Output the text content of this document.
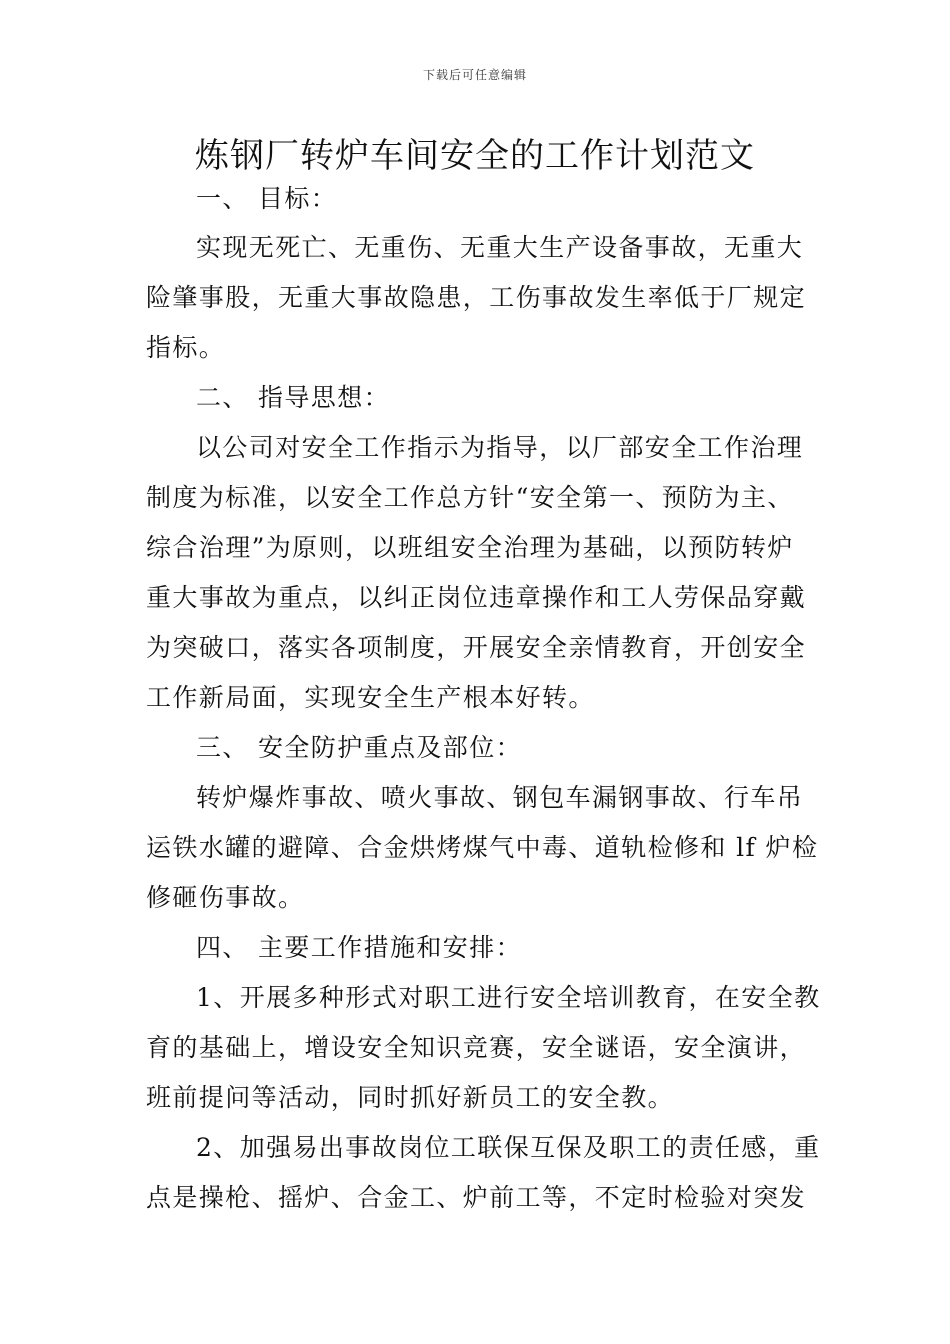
下载后可任意编辑
炼钢厂转炉车间安全的工作计划范文
一、 目标：
实现无死亡、无重伤、无重大生产设备事故，无重大
险肇事股，无重大事故隐患，工伤事故发生率低于厂规定
指标。
二、 指导思想：
以公司对安全工作指示为指导，以厂部安全工作治理
制度为标准，以安全工作总方针“安全第一、预防为主、
综合治理”为原则，以班组安全治理为基础，以预防转炉
重大事故为重点，以纠正岗位违章操作和工人劳保品穿戴
为突破口，落实各项制度，开展安全亲情教育，开创安全
工作新局面，实现安全生产根本好转。
三、 安全防护重点及部位：
转炉爆炸事故、喷火事故、钢包车漏钢事故、行车吊
运铁水罐的避障、合金烘烤煤气中毒、道轨检修和 lf 炉检
修砸伤事故。
四、 主要工作措施和安排：
1、开展多种形式对职工进行安全培训教育，在安全教
育的基础上，增设安全知识竞赛，安全谜语，安全演讲，
班前提问等活动，同时抓好新员工的安全教。
2、加强易出事故岗位工联保互保及职工的责任感，重
点是操枪、摇炉、合金工、炉前工等，不定时检验对突发
